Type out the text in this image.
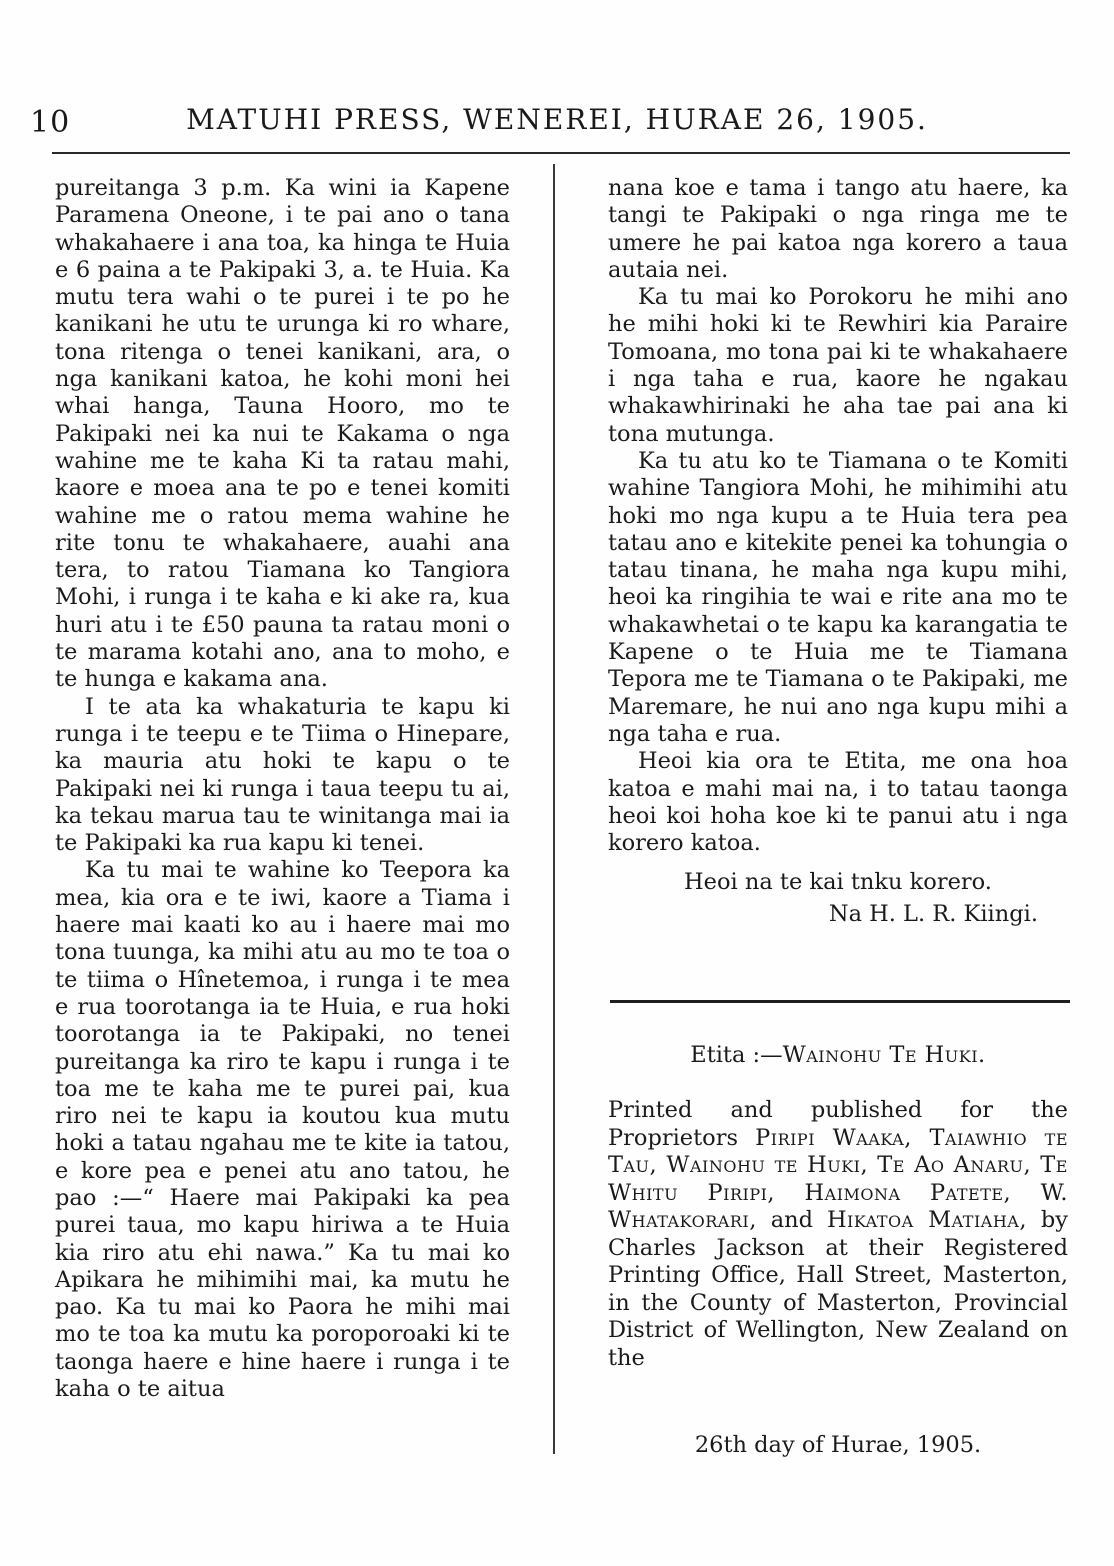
10	MATUHI PRESS, WENEREI, HURAE 26, 1905.

pureitanga 3 p.m. Ka wini ia Kapene Paramena Oneone, i te pai ano o tana whakahaere i ana toa, ka hinga te Huia e 6 paina a te Pakipaki 3, a. te Huia. Ka mutu tera wahi o te purei i te po he kanikani he utu te urunga ki ro whare, tona ritenga o tenei kanikani, ara, o nga kanikani katoa, he kohi moni hei whai hanga, Tauna Hooro, mo te Pakipaki nei ka nui te Kakama o nga wahine me te kaha Ki ta ratau mahi, kaore e moea ana te po e tenei komiti wahine me o ratou mema wahine he rite tonu te whakahaere, auahi ana tera, to ratou Tiamana ko Tangiora Mohi, i runga i te kaha e ki ake ra, kua huri atu i te £50 pauna ta ratau moni o te marama kotahi ano, ana to moho, e te hunga e kakama ana.

I te ata ka whakaturia te kapu ki runga i te teepu e te Tiima o Hinepare, ka mauria atu hoki te kapu o te Pakipaki nei ki runga i taua teepu tu ai, ka tekau marua tau te winitanga mai ia te Pakipaki ka rua kapu ki tenei.

Ka tu mai te wahine ko Teepora ka mea, kia ora e te iwi, kaore a Tiama i haere mai kaati ko au i haere mai mo tona tuunga, ka mihi atu au mo te toa o te tiima o Hînetemoa, i runga i te mea e rua toorotanga ia te Huia, e rua hoki toorotanga ia te Pakipaki, no tenei pureitanga ka riro te kapu i runga i te toa me te kaha me te purei pai, kua riro nei te kapu ia koutou kua mutu hoki a tatau ngahau me te kite ia tatou, e kore pea e penei atu ano tatou, he pao :—“ Haere mai Pakipaki ka pea purei taua, mo kapu hiriwa a te Huia kia riro atu ehi nawa.” Ka tu mai ko Apikara he mihimihi mai, ka mutu he pao. Ka tu mai ko Paora he mihi mai mo te toa ka mutu ka poroporoaki ki te taonga haere e hine haere i runga i te kaha o te aitua

nana koe e tama i tango atu haere, ka tangi te Pakipaki o nga ringa me te umere he pai katoa nga korero a taua autaia nei.

Ka tu mai ko Porokoru he mihi ano he mihi hoki ki te Rewhiri kia Paraire Tomoana, mo tona pai ki te whakahaere i nga taha e rua, kaore he ngakau whakawhirinaki he aha tae pai ana ki tona mutunga.

Ka tu atu ko te Tiamana o te Komiti wahine Tangiora Mohi, he mihimihi atu hoki mo nga kupu a te Huia tera pea tatau ano e kitekite penei ka tohungia o tatau tinana, he maha nga kupu mihi, heoi ka ringihia te wai e rite ana mo te whakawhetai o te kapu ka karangatia te Kapene o te Huia me te Tiamana Tepora me te Tiamana o te Pakipaki, me Maremare, he nui ano nga kupu mihi a nga taha e rua.

Heoi kia ora te Etita, me ona hoa katoa e mahi mai na, i to tatau taonga heoi koi hoha koe ki te panui atu i nga korero katoa.

Heoi na te kai tnku korero.
Na H. L. R. Kiingi.
Etita :—Wainohu Te Huki.
Printed and published for the Proprietors Piripi Waaka, Taiawhio te Tau, Wainohu te Huki, Te Ao Anaru, Te Whitu Piripi, Haimona Patete, W. Whatakorari, and Hikatoa Matiaha, by Charles Jackson at their Registered Printing Office, Hall Street, Masterton, in the County of Masterton, Provincial District of Wellington, New Zealand on the
26th day of Hurae, 1905.
